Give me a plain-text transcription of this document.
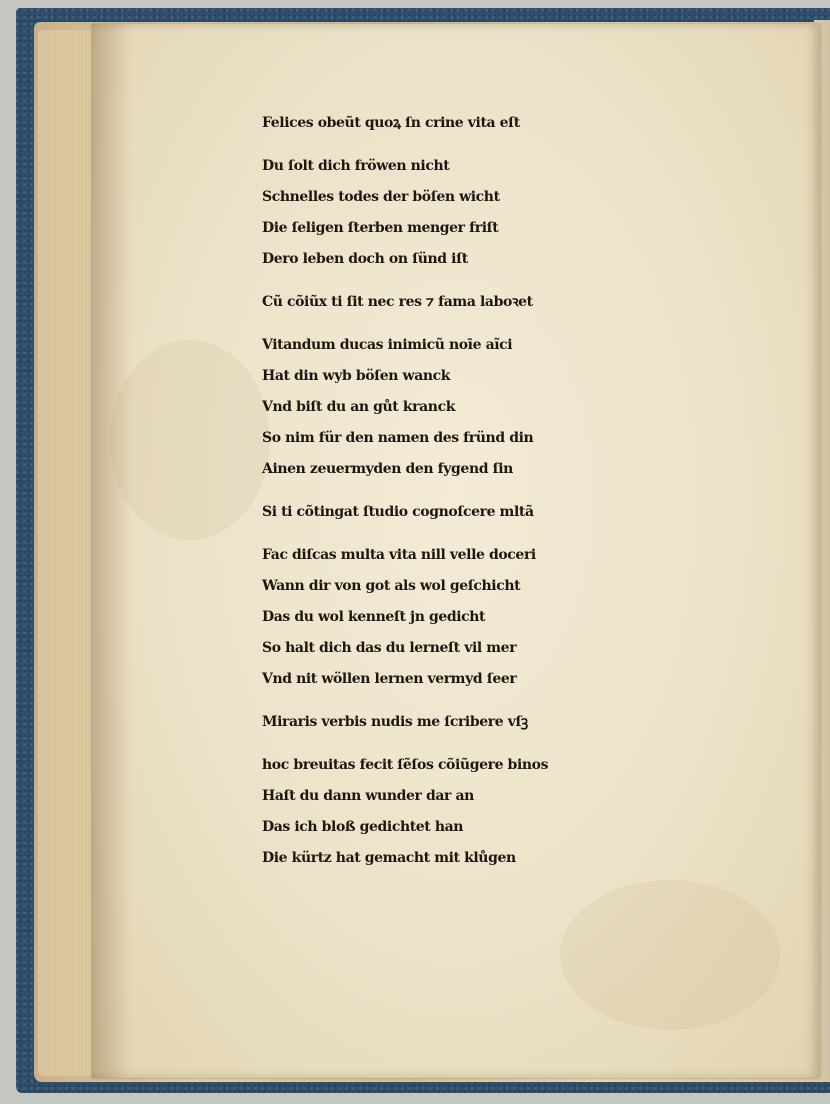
Felices obeũt quoꝝ ſn crine vita eſt
Du ſolt dich fröwen nicht
Schnelles todes der böſen wicht
Die ſeligen ſterben menger friſt
Dero leben doch on ſünd iſt
Cũ cõiũx ti ſit nec res ⁊ fama laboꝛet
Vitandum ducas inimicũ noīe aĩci
Hat din wyb böſen wanck
Vnd biſt du an gůt kranck
So nim für den namen des fründ din
Ainen zeuermyden den fygend ſin
Si ti cõtingat ſtudio cognoſcere mltã
Fac diſcas multa vita nill velle doceri
Wann dir von got als wol geſchicht
Das du wol kenneſt jn gedicht
So halt dich das du lerneſt vil mer
Vnd nit wöllen lernen vermyd ſeer
Miraris verbis nudis me ſcribere vſꝫ
hoc breuitas fecit ſẽſos cõiũgere binos
Haſt du dann wunder dar an
Das ich bloß gedichtet han
Die kürtz hat gemacht mit klůgen
